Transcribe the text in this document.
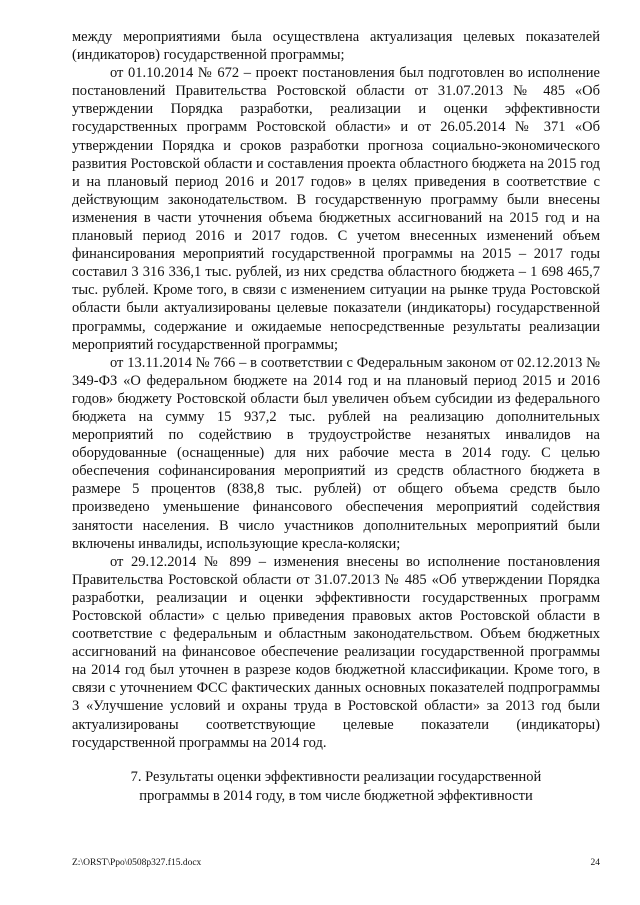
между мероприятиями была осуществлена актуализация целевых показателей (индикаторов) государственной программы;

от 01.10.2014 № 672 – проект постановления был подготовлен во исполнение постановлений Правительства Ростовской области от 31.07.2013 № 485 «Об утверждении Порядка разработки, реализации и оценки эффективности государственных программ Ростовской области» и от 26.05.2014 № 371 «Об утверждении Порядка и сроков разработки прогноза социально-экономического развития Ростовской области и составления проекта областного бюджета на 2015 год и на плановый период 2016 и 2017 годов» в целях приведения в соответствие с действующим законодательством. В государственную программу были внесены изменения в части уточнения объема бюджетных ассигнований на 2015 год и на плановый период 2016 и 2017 годов. С учетом внесенных изменений объем финансирования мероприятий государственной программы на 2015 – 2017 годы составил 3 316 336,1 тыс. рублей, из них средства областного бюджета – 1 698 465,7 тыс. рублей. Кроме того, в связи с изменением ситуации на рынке труда Ростовской области были актуализированы целевые показатели (индикаторы) государственной программы, содержание и ожидаемые непосредственные результаты реализации мероприятий государственной программы;

от 13.11.2014 № 766 – в соответствии с Федеральным законом от 02.12.2013 № 349-ФЗ «О федеральном бюджете на 2014 год и на плановый период 2015 и 2016 годов» бюджету Ростовской области был увеличен объем субсидии из федерального бюджета на сумму 15 937,2 тыс. рублей на реализацию дополнительных мероприятий по содействию в трудоустройстве незанятых инвалидов на оборудованные (оснащенные) для них рабочие места в 2014 году. С целью обеспечения софинансирования мероприятий из средств областного бюджета в размере 5 процентов (838,8 тыс. рублей) от общего объема средств было произведено уменьшение финансового обеспечения мероприятий содействия занятости населения. В число участников дополнительных мероприятий были включены инвалиды, использующие кресла-коляски;

от 29.12.2014 № 899 – изменения внесены во исполнение постановления Правительства Ростовской области от 31.07.2013 № 485 «Об утверждении Порядка разработки, реализации и оценки эффективности государственных программ Ростовской области» с целью приведения правовых актов Ростовской области в соответствие с федеральным и областным законодательством. Объем бюджетных ассигнований на финансовое обеспечение реализации государственной программы на 2014 год был уточнен в разрезе кодов бюджетной классификации. Кроме того, в связи с уточнением ФСС фактических данных основных показателей подпрограммы 3 «Улучшение условий и охраны труда в Ростовской области» за 2013 год были актуализированы соответствующие целевые показатели (индикаторы) государственной программы на 2014 год.

7. Результаты оценки эффективности реализации государственной
программы в 2014 году, в том числе бюджетной эффективности
Z:\ORST\Ppo\0508p327.f15.docx	24
